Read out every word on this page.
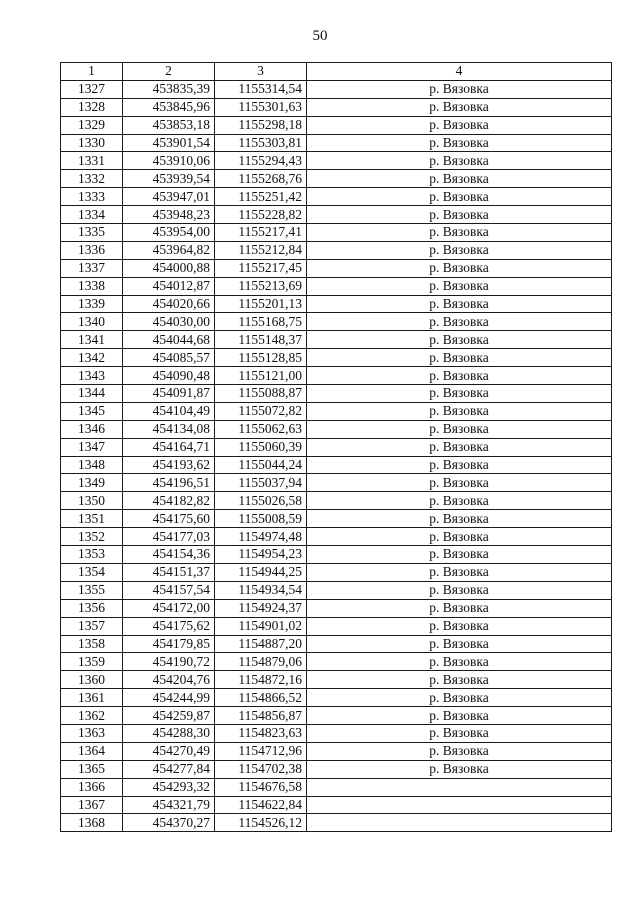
50
1	2	3	4
1327	453835,39	1155314,54	р. Вязовка
1328	453845,96	1155301,63	р. Вязовка
1329	453853,18	1155298,18	р. Вязовка
1330	453901,54	1155303,81	р. Вязовка
1331	453910,06	1155294,43	р. Вязовка
1332	453939,54	1155268,76	р. Вязовка
1333	453947,01	1155251,42	р. Вязовка
1334	453948,23	1155228,82	р. Вязовка
1335	453954,00	1155217,41	р. Вязовка
1336	453964,82	1155212,84	р. Вязовка
1337	454000,88	1155217,45	р. Вязовка
1338	454012,87	1155213,69	р. Вязовка
1339	454020,66	1155201,13	р. Вязовка
1340	454030,00	1155168,75	р. Вязовка
1341	454044,68	1155148,37	р. Вязовка
1342	454085,57	1155128,85	р. Вязовка
1343	454090,48	1155121,00	р. Вязовка
1344	454091,87	1155088,87	р. Вязовка
1345	454104,49	1155072,82	р. Вязовка
1346	454134,08	1155062,63	р. Вязовка
1347	454164,71	1155060,39	р. Вязовка
1348	454193,62	1155044,24	р. Вязовка
1349	454196,51	1155037,94	р. Вязовка
1350	454182,82	1155026,58	р. Вязовка
1351	454175,60	1155008,59	р. Вязовка
1352	454177,03	1154974,48	р. Вязовка
1353	454154,36	1154954,23	р. Вязовка
1354	454151,37	1154944,25	р. Вязовка
1355	454157,54	1154934,54	р. Вязовка
1356	454172,00	1154924,37	р. Вязовка
1357	454175,62	1154901,02	р. Вязовка
1358	454179,85	1154887,20	р. Вязовка
1359	454190,72	1154879,06	р. Вязовка
1360	454204,76	1154872,16	р. Вязовка
1361	454244,99	1154866,52	р. Вязовка
1362	454259,87	1154856,87	р. Вязовка
1363	454288,30	1154823,63	р. Вязовка
1364	454270,49	1154712,96	р. Вязовка
1365	454277,84	1154702,38	р. Вязовка
1366	454293,32	1154676,58	
1367	454321,79	1154622,84	
1368	454370,27	1154526,12	
